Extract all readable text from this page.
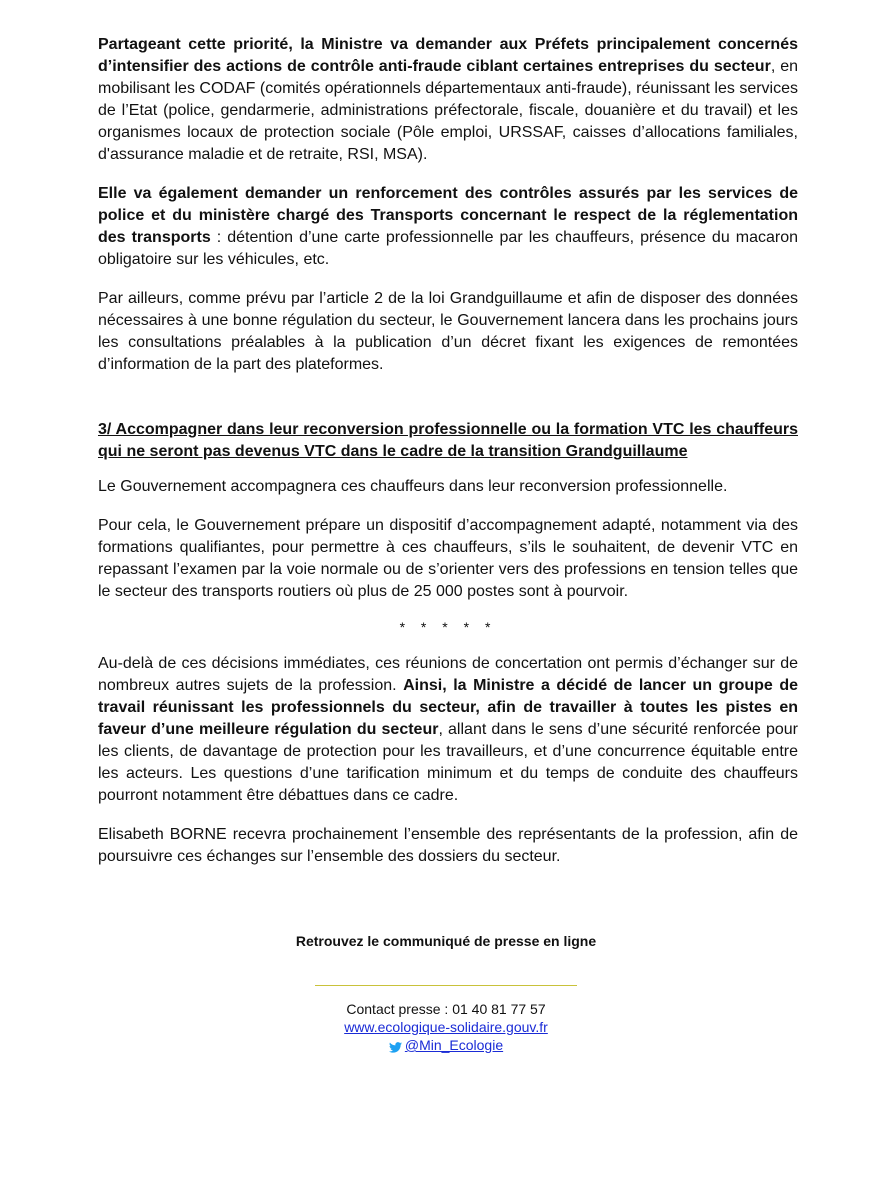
Partageant cette priorité, la Ministre va demander aux Préfets principalement concernés d’intensifier des actions de contrôle anti-fraude ciblant certaines entreprises du secteur, en mobilisant les CODAF (comités opérationnels départementaux anti-fraude), réunissant les services de l’Etat (police, gendarmerie, administrations préfectorale, fiscale, douanière et du travail) et les organismes locaux de protection sociale (Pôle emploi, URSSAF, caisses d’allocations familiales, d'assurance maladie et de retraite, RSI, MSA).

Elle va également demander un renforcement des contrôles assurés par les services de police et du ministère chargé des Transports concernant le respect de la réglementation des transports : détention d’une carte professionnelle par les chauffeurs, présence du macaron obligatoire sur les véhicules, etc.

Par ailleurs, comme prévu par l’article 2 de la loi Grandguillaume et afin de disposer des données nécessaires à une bonne régulation du secteur, le Gouvernement lancera dans les prochains jours les consultations préalables à la publication d’un décret fixant les exigences de remontées d’information de la part des plateformes.

3/ Accompagner dans leur reconversion professionnelle ou la formation VTC les chauffeurs qui ne seront pas devenus VTC dans le cadre de la transition Grandguillaume

Le Gouvernement accompagnera ces chauffeurs dans leur reconversion professionnelle.

Pour cela, le Gouvernement prépare un dispositif d’accompagnement adapté, notamment via des formations qualifiantes, pour permettre à ces chauffeurs, s’ils le souhaitent, de devenir VTC en repassant l’examen par la voie normale ou de s’orienter vers des professions en tension telles que le secteur des transports routiers où plus de 25 000 postes sont à pourvoir.

* * * * *

Au-delà de ces décisions immédiates, ces réunions de concertation ont permis d’échanger sur de nombreux autres sujets de la profession. Ainsi, la Ministre a décidé de lancer un groupe de travail réunissant les professionnels du secteur, afin de travailler à toutes les pistes en faveur d’une meilleure régulation du secteur, allant dans le sens d’une sécurité renforcée pour les clients, de davantage de protection pour les travailleurs, et d’une concurrence équitable entre les acteurs. Les questions d’une tarification minimum et du temps de conduite des chauffeurs pourront notamment être débattues dans ce cadre.

Elisabeth BORNE recevra prochainement l’ensemble des représentants de la profession, afin de poursuivre ces échanges sur l’ensemble des dossiers du secteur.

Retrouvez le communiqué de presse en ligne
Contact presse : 01 40 81 77 57
www.ecologique-solidaire.gouv.fr
@Min_Ecologie
